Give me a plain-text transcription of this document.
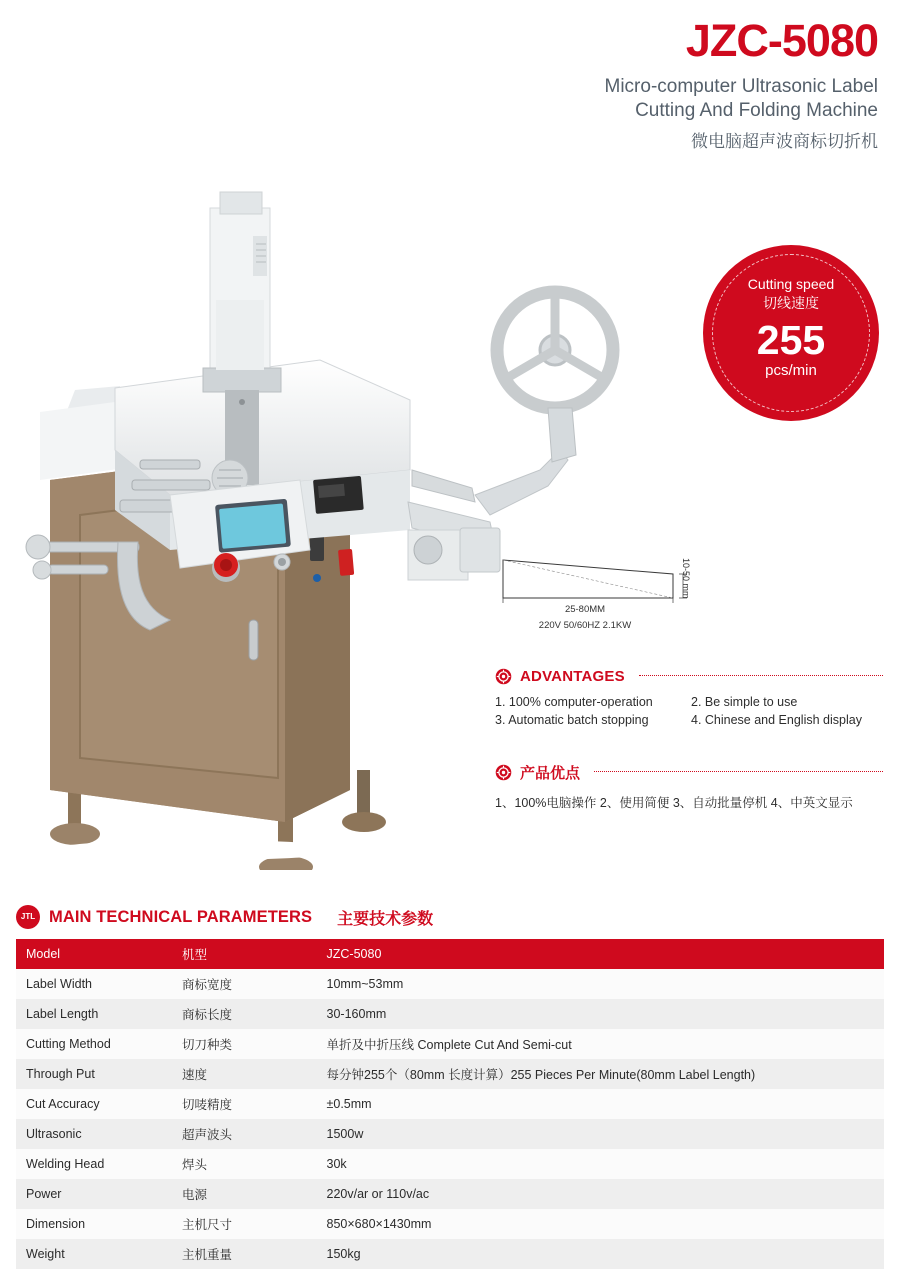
JZC-5080
Micro-computer Ultrasonic Label
Cutting And Folding Machine
微电脑超声波商标切折机
Cutting speed
切线速度
255
pcs/min
25-80MM
220V 50/60HZ 2.1KW
10-50 mm
ADVANTAGES
1. 100% computer-operation	2. Be simple to use
3. Automatic batch stopping	4. Chinese and English display
产品优点
1、100%电脑操作 2、使用简便 3、自动批量停机 4、中英文显示
JTL MAIN TECHNICAL PARAMETERS 主要技术参数
Model	机型	JZC-5080
Label Width	商标宽度	10mm~53mm
Label Length	商标长度	30-160mm
Cutting Method	切刀种类	单折及中折压线 Complete Cut And Semi-cut
Through Put	速度	每分钟255个（80mm 长度计算）255 Pieces Per Minute(80mm Label Length)
Cut Accuracy	切唛精度	±0.5mm
Ultrasonic	超声波头	1500w
Welding Head	焊头	30k
Power	电源	220v/ar or 110v/ac
Dimension	主机尺寸	850×680×1430mm
Weight	主机重量	150kg
